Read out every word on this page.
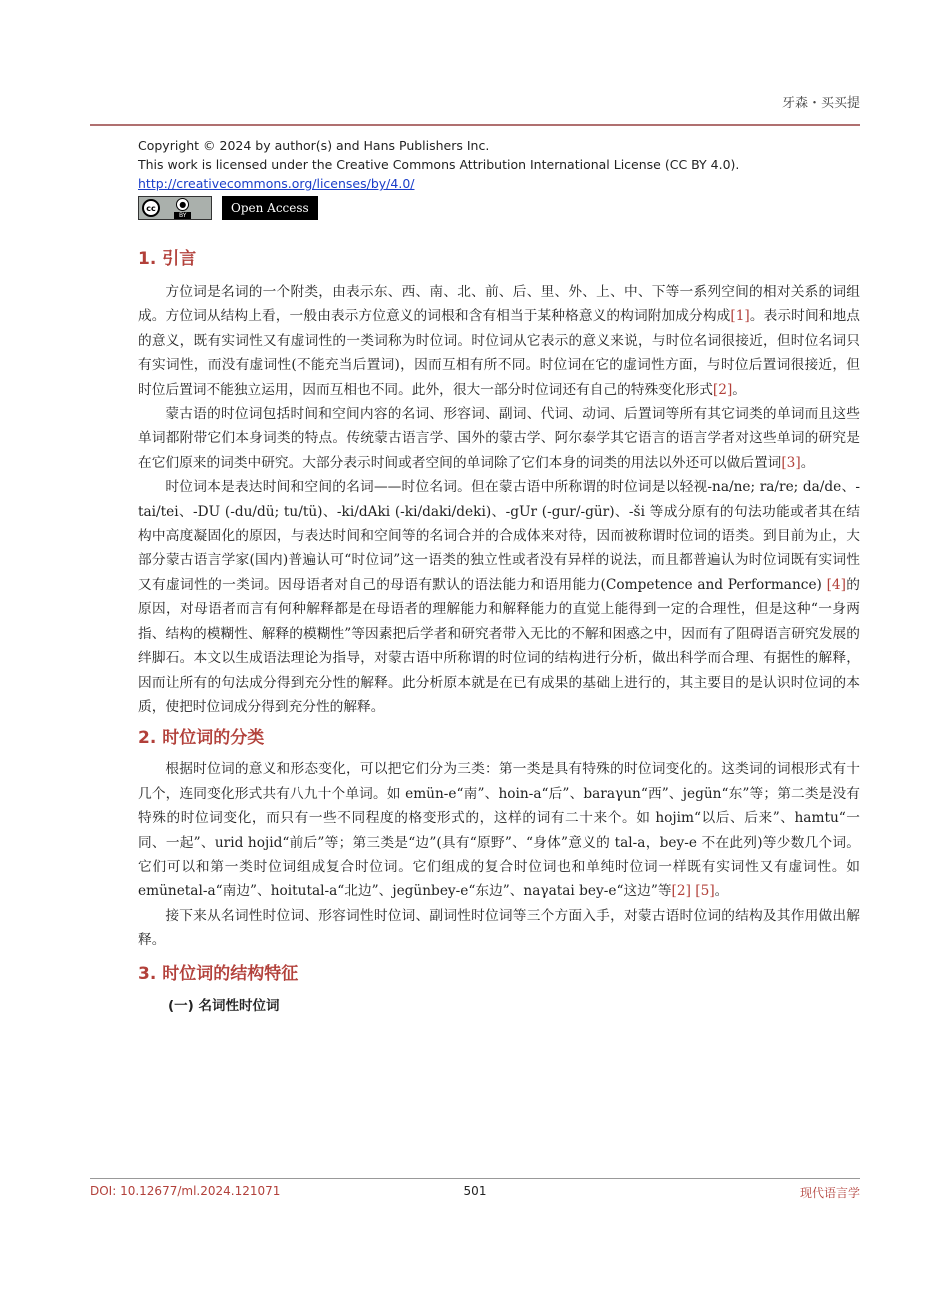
牙森・买买提
Copyright © 2024 by author(s) and Hans Publishers Inc.
This work is licensed under the Creative Commons Attribution International License (CC BY 4.0).
http://creativecommons.org/licenses/by/4.0/
cc	●
BY
Open Access
1. 引言

方位词是名词的一个附类，由表示东、西、南、北、前、后、里、外、上、中、下等一系列空间的相对关系的词组成。方位词从结构上看，一般由表示方位意义的词根和含有相当于某种格意义的构词附加成分构成[1]。表示时间和地点的意义，既有实词性又有虚词性的一类词称为时位词。时位词从它表示的意义来说，与时位名词很接近，但时位名词只有实词性，而没有虚词性(不能充当后置词)，因而互相有所不同。时位词在它的虚词性方面，与时位后置词很接近，但时位后置词不能独立运用，因而互相也不同。此外，很大一部分时位词还有自己的特殊变化形式[2]。

蒙古语的时位词包括时间和空间内容的名词、形容词、副词、代词、动词、后置词等所有其它词类的单词而且这些单词都附带它们本身词类的特点。传统蒙古语言学、国外的蒙古学、阿尔泰学其它语言的语言学者对这些单词的研究是在它们原来的词类中研究。大部分表示时间或者空间的单词除了它们本身的词类的用法以外还可以做后置词[3]。

时位词本是表达时间和空间的名词——时位名词。但在蒙古语中所称谓的时位词是以轻视-na/ne; ra/re; da/de、-tai/tei、-DU (-du/dü; tu/tü)、-ki/dAki (-ki/daki/deki)、-gUr (-gur/-gür)、-ši 等成分原有的句法功能或者其在结构中高度凝固化的原因，与表达时间和空间等的名词合并的合成体来对待，因而被称谓时位词的语类。到目前为止，大部分蒙古语言学家(国内)普遍认可“时位词”这一语类的独立性或者没有异样的说法，而且都普遍认为时位词既有实词性又有虚词性的一类词。因母语者对自己的母语有默认的语法能力和语用能力(Competence and Performance) [4]的原因，对母语者而言有何种解释都是在母语者的理解能力和解释能力的直觉上能得到一定的合理性，但是这种“一身两指、结构的模糊性、解释的模糊性”等因素把后学者和研究者带入无比的不解和困惑之中，因而有了阻碍语言研究发展的绊脚石。本文以生成语法理论为指导，对蒙古语中所称谓的时位词的结构进行分析，做出科学而合理、有据性的解释，因而让所有的句法成分得到充分性的解释。此分析原本就是在已有成果的基础上进行的，其主要目的是认识时位词的本质，使把时位词成分得到充分性的解释。

2. 时位词的分类

根据时位词的意义和形态变化，可以把它们分为三类：第一类是具有特殊的时位词变化的。这类词的词根形式有十几个，连同变化形式共有八九十个单词。如 emün-e“南”、hoin-a“后”、baraγun“西”、jegün“东”等；第二类是没有特殊的时位词变化，而只有一些不同程度的格变形式的，这样的词有二十来个。如 hojim“以后、后来”、hamtu“一同、一起”、urid hojid“前后”等；第三类是“边”(具有“原野”、“身体”意义的 tal-a，bey-e 不在此列)等少数几个词。它们可以和第一类时位词组成复合时位词。它们组成的复合时位词也和单纯时位词一样既有实词性又有虚词性。如 emünetal-a“南边”、hoitutal-a“北边”、jegünbey-e“东边”、naγatai bey-e“这边”等[2] [5]。

接下来从名词性时位词、形容词性时位词、副词性时位词等三个方面入手，对蒙古语时位词的结构及其作用做出解释。

3. 时位词的结构特征
(一) 名词性时位词
DOI: 10.12677/ml.2024.121071	501	现代语言学
